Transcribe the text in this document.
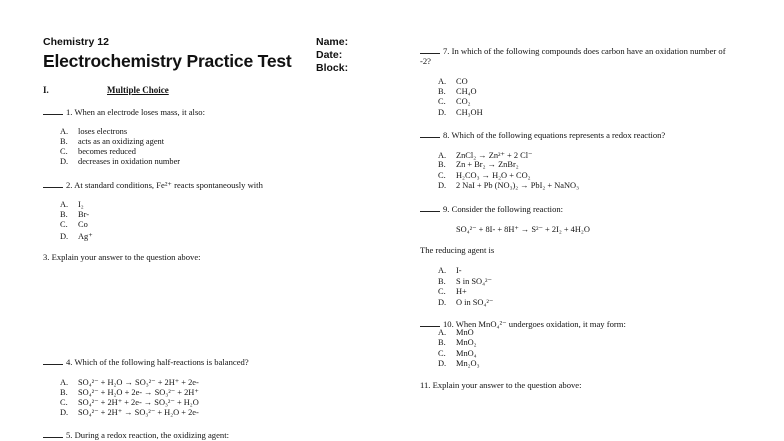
Chemistry 12
Electrochemistry Practice Test
Name:
Date:
Block:
I.	Multiple Choice
1. When an electrode loses mass, it also:
A. loses electrons
B. acts as an oxidizing agent
C. becomes reduced
D. decreases in oxidation number
2. At standard conditions, Fe²⁺ reacts spontaneously with
A. I₂
B. Br-
C. Co
D. Ag⁺
3. Explain your answer to the question above:
4. Which of the following half-reactions is balanced?
A. SO₄²⁻ + H₂O → SO₃²⁻ + 2H⁺ + 2e-
B. SO₄²⁻ + H₂O + 2e- → SO₃²⁻ + 2H⁺
C. SO₄²⁻ + 2H⁺ + 2e- → SO₃²⁻ + H₂O
D. SO₄²⁻ + 2H⁺ → SO₃²⁻ + H₂O + 2e-
5. During a redox reaction, the oxidizing agent:
7. In which of the following compounds does carbon have an oxidation number of
-2?
A. CO
B. CH₄O
C. CO₂
D. CH₃OH
8. Which of the following equations represents a redox reaction?
A. ZnCl₂ → Zn²⁺ + 2 Cl⁻
B. Zn + Br₂ → ZnBr₂
C. H₂CO₃ → H₂O + CO₂
D. 2 NaI + Pb (NO₃)₂ → PbI₂ + NaNO₃
9. Consider the following reaction:
SO₄²⁻ + 8I- + 8H⁺ → S²⁻ + 2I₂ + 4H₂O
The reducing agent is
A. I-
B. S in SO₄²⁻
C. H+
D. O in SO₄²⁻
10. When MnO₄²⁻ undergoes oxidation, it may form:
A. MnO
B. MnO₂
C. MnO₄
D. Mn₂O₃
11. Explain your answer to the question above:
